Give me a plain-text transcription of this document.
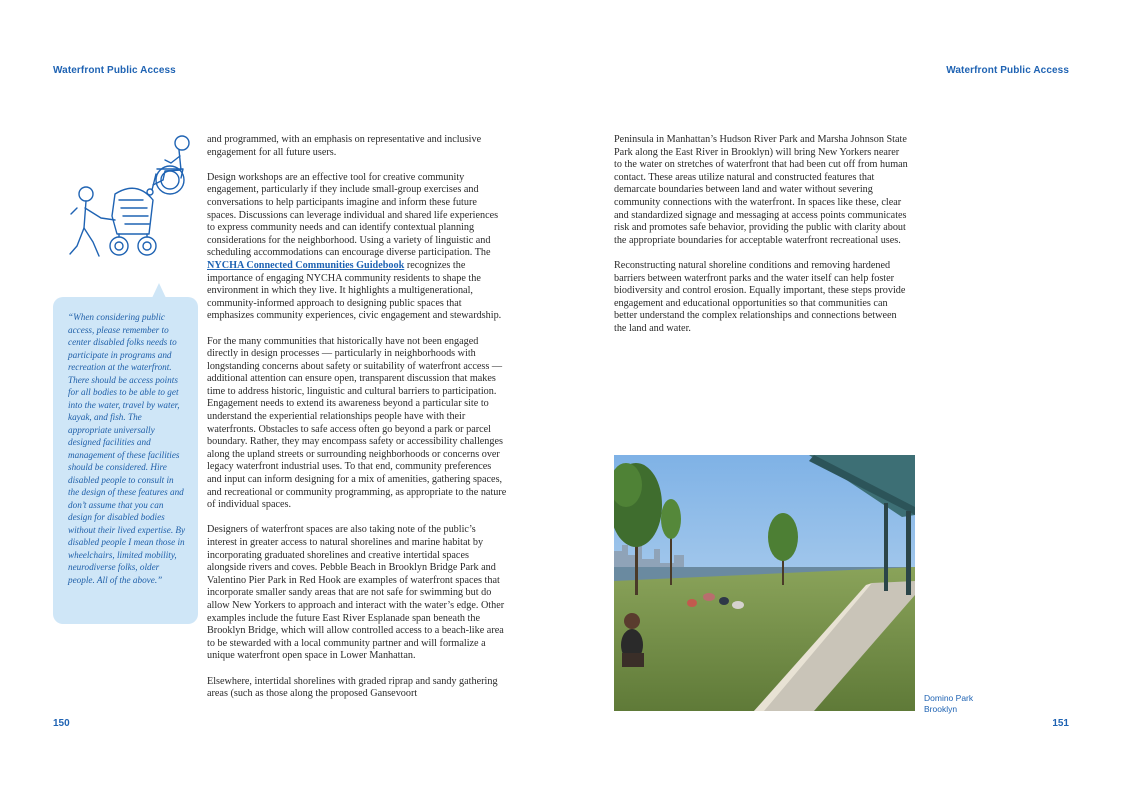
Waterfront Public Access
“When considering public access, please remember to center disabled folks needs to participate in programs and recreation at the waterfront. There should be access points for all bodies to be able to get into the water, travel by water, kayak, and fish. The appropriate universally designed facilities and management of these facilities should be considered. Hire disabled people to consult in the design of these features and don’t assume that you can design for disabled bodies without their lived expertise. By disabled people I mean those in wheelchairs, limited mobility, neurodiverse folks, older people. All of the above.”

and programmed, with an emphasis on representative and inclusive engagement for all future users.

Design workshops are an effective tool for creative community engagement, particularly if they include small-group exercises and conversations to help participants imagine and inform these future spaces. Discussions can leverage individual and shared life experiences to express community needs and can identify contextual planning considerations for the neighborhood. Using a variety of linguistic and scheduling accommodations can encourage diverse participation. The NYCHA Connected Communities Guidebook recognizes the importance of engaging NYCHA community residents to shape the environment in which they live. It highlights a multigenerational, community-informed approach to designing public spaces that emphasizes community experiences, civic engagement and stewardship.

For the many communities that historically have not been engaged directly in design processes — particularly in neighborhoods with longstanding concerns about safety or suitability of waterfront access — additional attention can ensure open, transparent discussion that makes time to address historic, linguistic and cultural barriers to participation. Engagement needs to extend its awareness beyond a particular site to understand the experiential relationships people have with their waterfronts. Obstacles to safe access often go beyond a park or parcel boundary. Rather, they may encompass safety or accessibility challenges along the upland streets or surrounding neighborhoods or concerns over legacy waterfront industrial uses. To that end, community preferences and input can inform designing for a mix of amenities, gathering spaces, and recreational or community programming, as appropriate to the nature of individual spaces.

Designers of waterfront spaces are also taking note of the public’s interest in greater access to natural shorelines and marine habitat by incorporating graduated shorelines and creative intertidal spaces alongside rivers and coves. Pebble Beach in Brooklyn Bridge Park and Valentino Pier Park in Red Hook are examples of waterfront spaces that incorporate smaller sandy areas that are not safe for swimming but do allow New Yorkers to approach and interact with the water’s edge. Other examples include the future East River Esplanade span beneath the Brooklyn Bridge, which will allow controlled access to a beach-like area to be stewarded with a local community partner and will formalize a unique waterfront open space in Lower Manhattan.

Elsewhere, intertidal shorelines with graded riprap and sandy gathering areas (such as those along the proposed Gansevoort

150
Waterfront Public Access

Peninsula in Manhattan’s Hudson River Park and Marsha Johnson State Park along the East River in Brooklyn) will bring New Yorkers nearer to the water on stretches of waterfront that had been cut off from human contact. These areas utilize natural and constructed features that demarcate boundaries between land and water without severing community connections with the waterfront. In spaces like these, clear and standardized signage and messaging at access points communicates risk and promotes safe behavior, providing the public with clarity about the appropriate boundaries for acceptable waterfront recreational uses.

Reconstructing natural shoreline conditions and removing hardened barriers between waterfront parks and the water itself can help foster biodiversity and control erosion. Equally important, these steps provide engagement and educational opportunities so that communities can better understand the complex relationships and connections between the land and water.

Domino Park
Brooklyn
151
